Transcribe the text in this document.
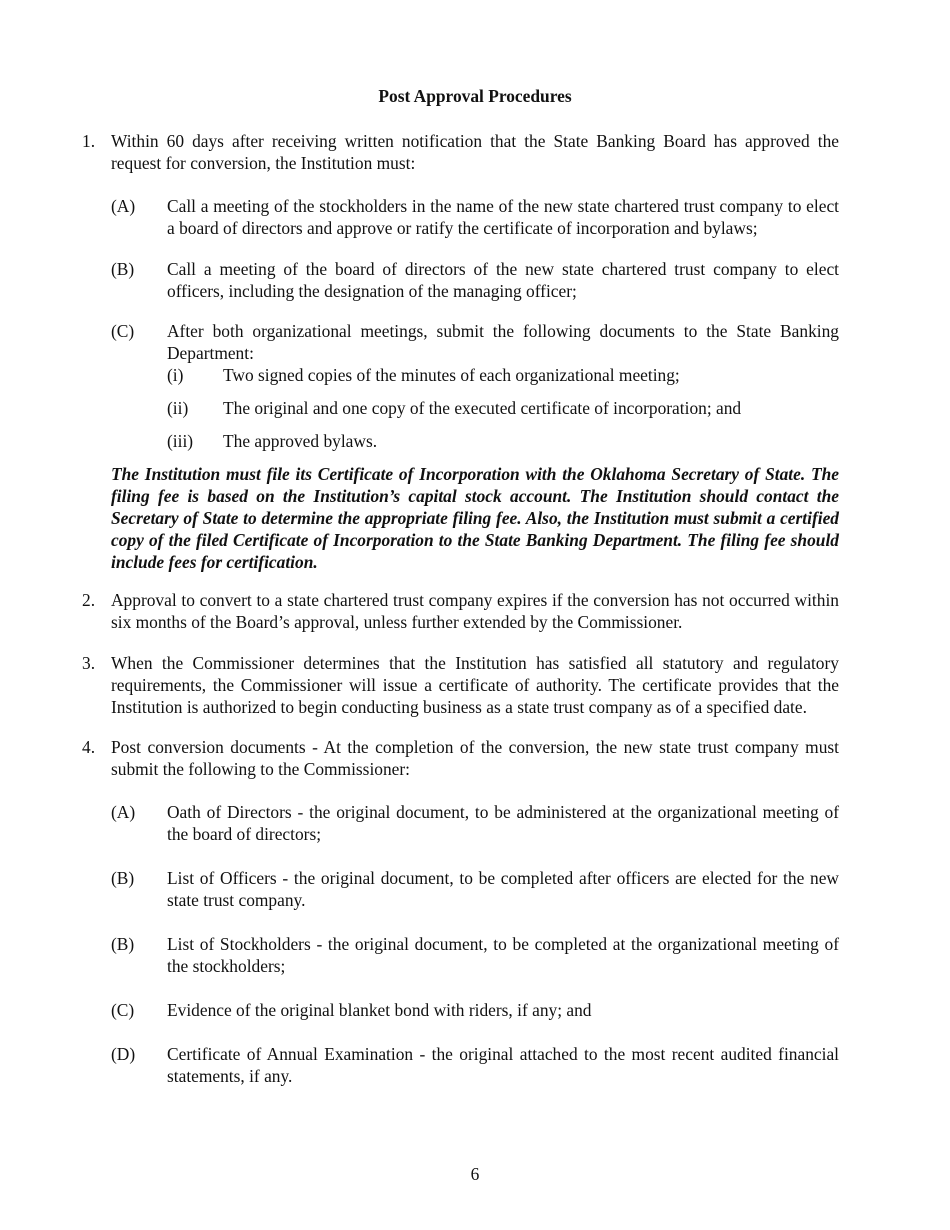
Post Approval Procedures
1. Within 60 days after receiving written notification that the State Banking Board has approved the request for conversion, the Institution must:
(A) Call a meeting of the stockholders in the name of the new state chartered trust company to elect a board of directors and approve or ratify the certificate of incorporation and bylaws;
(B) Call a meeting of the board of directors of the new state chartered trust company to elect officers, including the designation of the managing officer;
(C) After both organizational meetings, submit the following documents to the State Banking Department:
(i) Two signed copies of the minutes of each organizational meeting;
(ii) The original and one copy of the executed certificate of incorporation; and
(iii) The approved bylaws.
The Institution must file its Certificate of Incorporation with the Oklahoma Secretary of State. The filing fee is based on the Institution’s capital stock account. The Institution should contact the Secretary of State to determine the appropriate filing fee. Also, the Institution must submit a certified copy of the filed Certificate of Incorporation to the State Banking Department. The filing fee should include fees for certification.
2. Approval to convert to a state chartered trust company expires if the conversion has not occurred within six months of the Board’s approval, unless further extended by the Commissioner.
3. When the Commissioner determines that the Institution has satisfied all statutory and regulatory requirements, the Commissioner will issue a certificate of authority. The certificate provides that the Institution is authorized to begin conducting business as a state trust company as of a specified date.
4. Post conversion documents - At the completion of the conversion, the new state trust company must submit the following to the Commissioner:
(A) Oath of Directors - the original document, to be administered at the organizational meeting of the board of directors;
(B) List of Officers - the original document, to be completed after officers are elected for the new state trust company.
(B) List of Stockholders - the original document, to be completed at the organizational meeting of the stockholders;
(C) Evidence of the original blanket bond with riders, if any; and
(D) Certificate of Annual Examination - the original attached to the most recent audited financial statements, if any.
6
